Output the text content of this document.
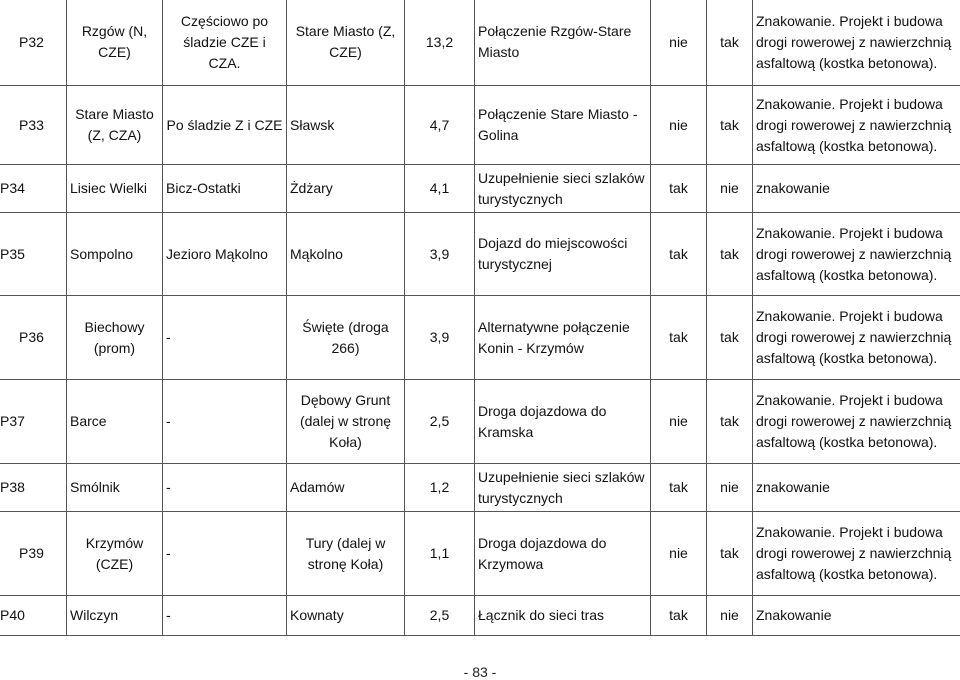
P32	Rzgów (N, CZE)	Częściowo po śladzie CZE i CZA.	Stare Miasto (Z, CZE)	13,2	Połączenie Rzgów-Stare Miasto	nie	tak	Znakowanie. Projekt i budowa drogi rowerowej z nawierzchnią asfaltową (kostka betonowa).
P33	Stare Miasto (Z, CZA)	Po śladzie Z i CZE	Sławsk	4,7	Połączenie Stare Miasto - Golina	nie	tak	Znakowanie. Projekt i budowa drogi rowerowej z nawierzchnią asfaltową (kostka betonowa).
P34	Lisiec Wielki	Bicz-Ostatki	Żdżary	4,1	Uzupełnienie sieci szlaków turystycznych	tak	nie	znakowanie
P35	Sompolno	Jezioro Mąkolno	Mąkolno	3,9	Dojazd do miejscowości turystycznej	tak	tak	Znakowanie. Projekt i budowa drogi rowerowej z nawierzchnią asfaltową (kostka betonowa).
P36	Biechowy (prom)	-	Święte (droga 266)	3,9	Alternatywne połączenie Konin - Krzymów	tak	tak	Znakowanie. Projekt i budowa drogi rowerowej z nawierzchnią asfaltową (kostka betonowa).
P37	Barce	-	Dębowy Grunt (dalej w stronę Koła)	2,5	Droga dojazdowa do Kramska	nie	tak	Znakowanie. Projekt i budowa drogi rowerowej z nawierzchnią asfaltową (kostka betonowa).
P38	Smólnik	-	Adamów	1,2	Uzupełnienie sieci szlaków turystycznych	tak	nie	znakowanie
P39	Krzymów (CZE)	-	Tury (dalej w stronę Koła)	1,1	Droga dojazdowa do Krzymowa	nie	tak	Znakowanie. Projekt i budowa drogi rowerowej z nawierzchnią asfaltową (kostka betonowa).
P40	Wilczyn	-	Kownaty	2,5	Łącznik do sieci tras	tak	nie	Znakowanie
- 83 -
